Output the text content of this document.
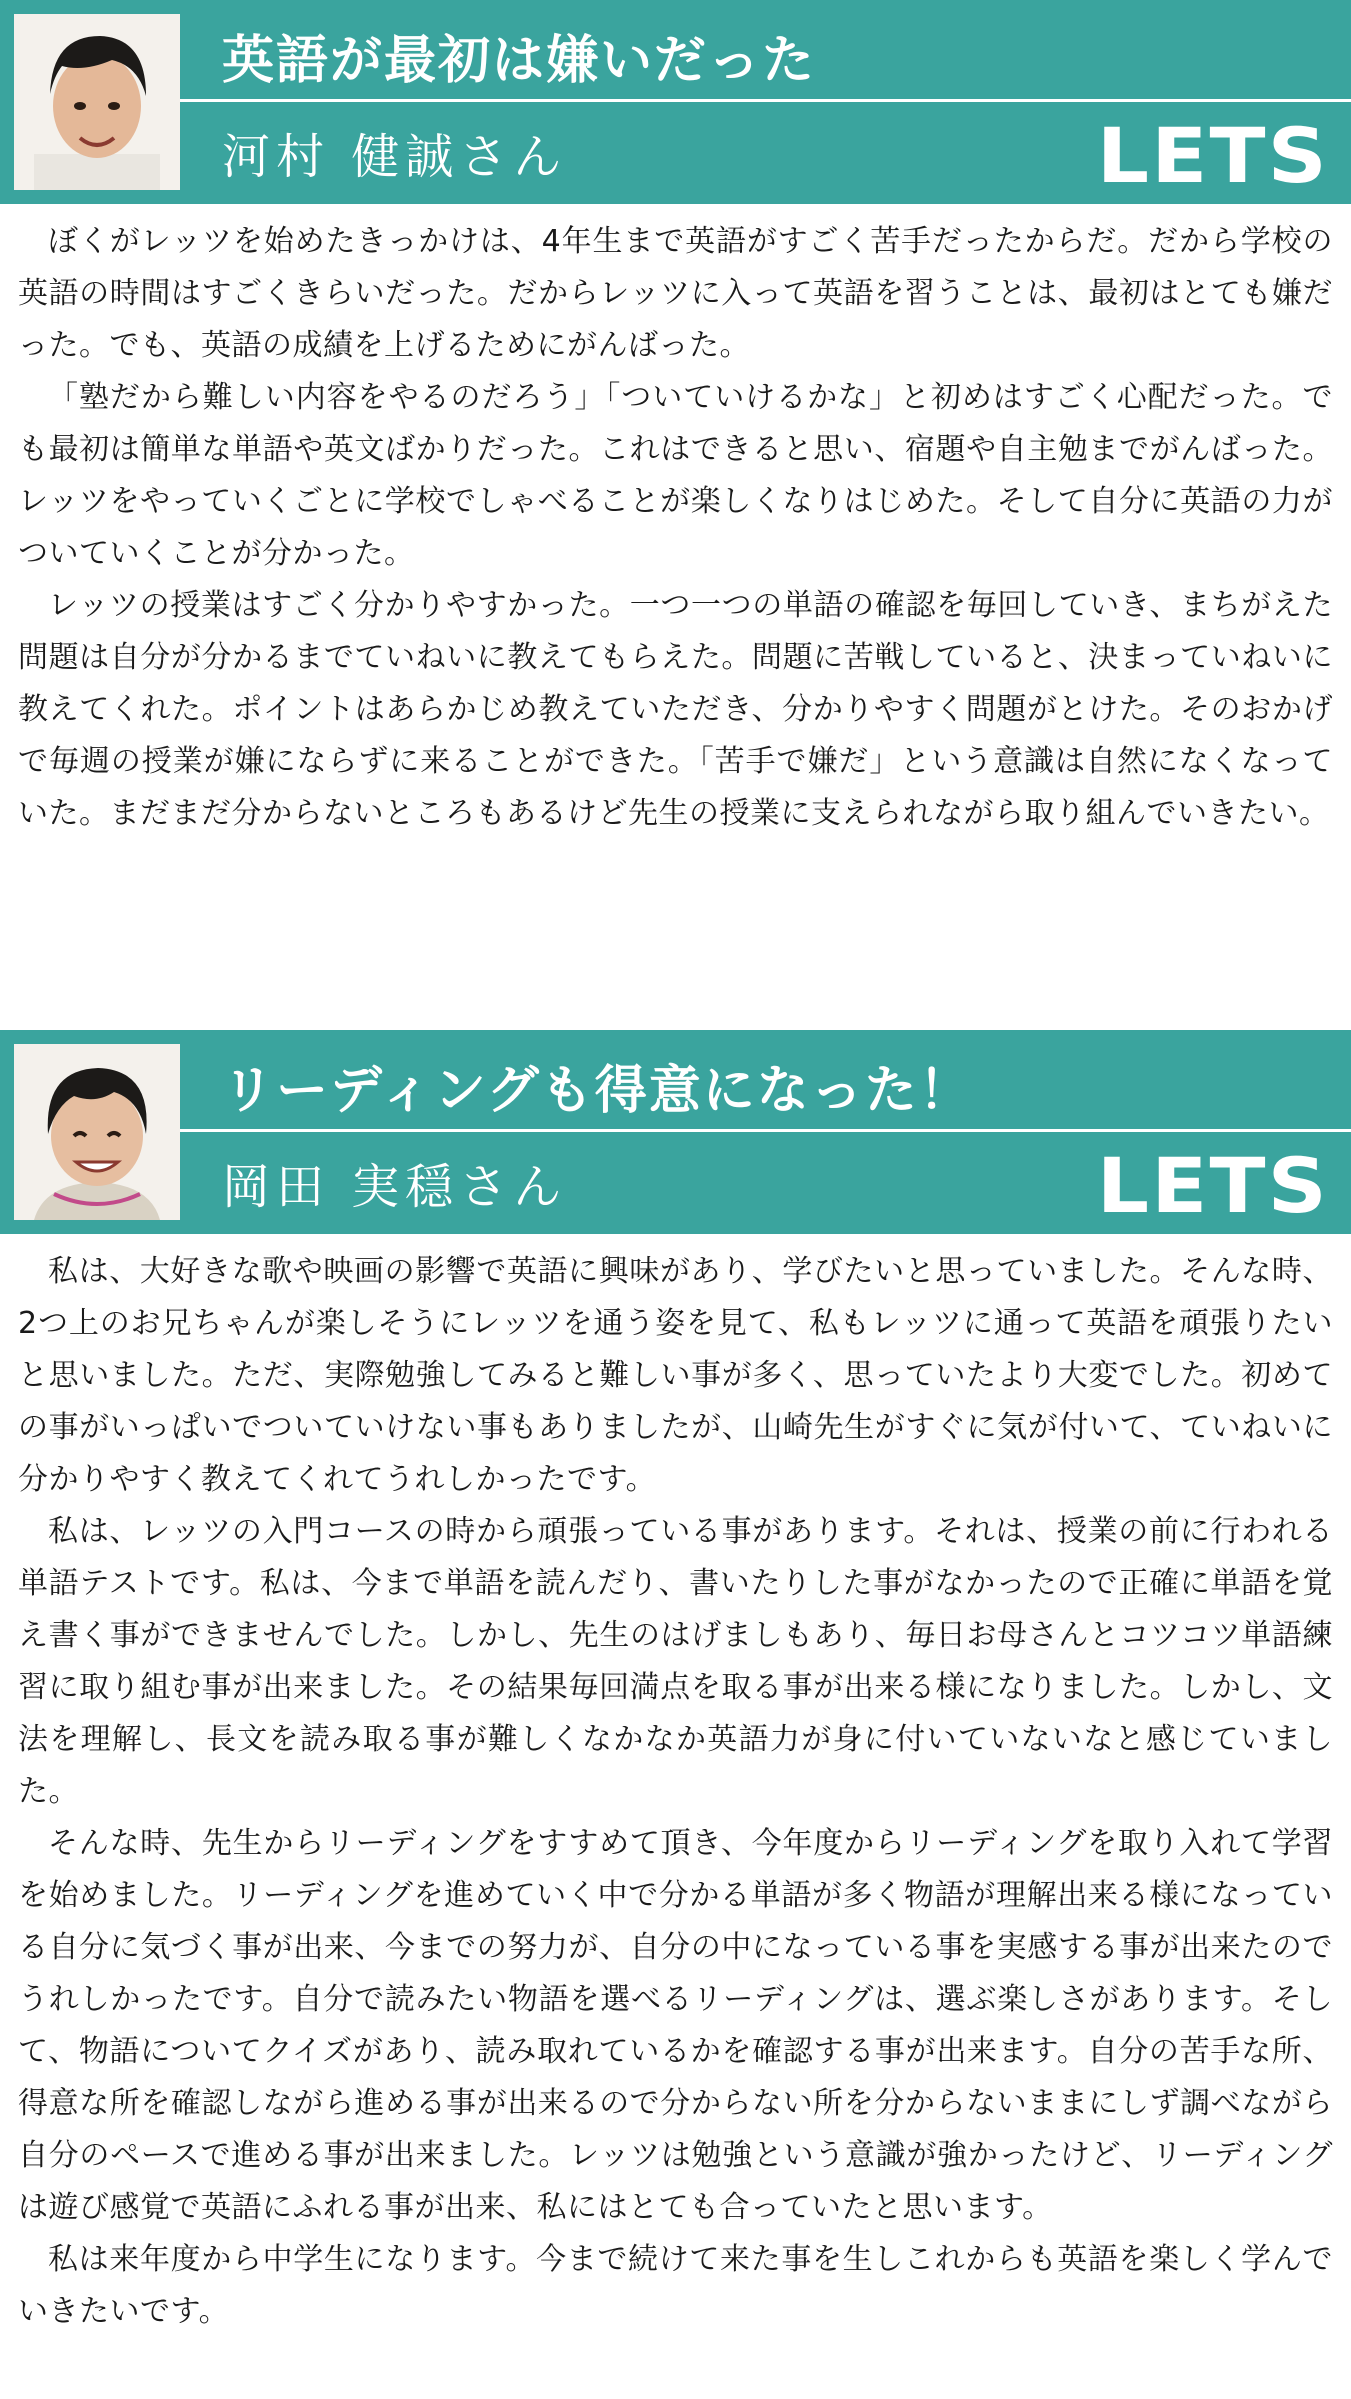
英語が最初は嫌いだった
河村 健誠さん	LETS

ぼくがレッツを始めたきっかけは、4年生まで英語がすごく苦手だったからだ。だから学校の英語の時間はすごくきらいだった。だからレッツに入って英語を習うことは、最初はとても嫌だった。でも、英語の成績を上げるためにがんばった。

「塾だから難しい内容をやるのだろう」「ついていけるかな」と初めはすごく心配だった。でも最初は簡単な単語や英文ばかりだった。これはできると思い、宿題や自主勉までがんばった。レッツをやっていくごとに学校でしゃべることが楽しくなりはじめた。そして自分に英語の力がついていくことが分かった。

レッツの授業はすごく分かりやすかった。一つ一つの単語の確認を毎回していき、まちがえた問題は自分が分かるまでていねいに教えてもらえた。問題に苦戦していると、決まっていねいに教えてくれた。ポイントはあらかじめ教えていただき、分かりやすく問題がとけた。そのおかげで毎週の授業が嫌にならずに来ることができた。「苦手で嫌だ」という意識は自然になくなっていた。まだまだ分からないところもあるけど先生の授業に支えられながら取り組んでいきたい。

リーディングも得意になった！
岡田 実穏さん	LETS

私は、大好きな歌や映画の影響で英語に興味があり、学びたいと思っていました。そんな時、2つ上のお兄ちゃんが楽しそうにレッツを通う姿を見て、私もレッツに通って英語を頑張りたいと思いました。ただ、実際勉強してみると難しい事が多く、思っていたより大変でした。初めての事がいっぱいでついていけない事もありましたが、山崎先生がすぐに気が付いて、ていねいに分かりやすく教えてくれてうれしかったです。

私は、レッツの入門コースの時から頑張っている事があります。それは、授業の前に行われる単語テストです。私は、今まで単語を読んだり、書いたりした事がなかったので正確に単語を覚え書く事ができませんでした。しかし、先生のはげましもあり、毎日お母さんとコツコツ単語練習に取り組む事が出来ました。その結果毎回満点を取る事が出来る様になりました。しかし、文法を理解し、長文を読み取る事が難しくなかなか英語力が身に付いていないなと感じていました。

そんな時、先生からリーディングをすすめて頂き、今年度からリーディングを取り入れて学習を始めました。リーディングを進めていく中で分かる単語が多く物語が理解出来る様になっている自分に気づく事が出来、今までの努力が、自分の中になっている事を実感する事が出来たのでうれしかったです。自分で読みたい物語を選べるリーディングは、選ぶ楽しさがあります。そして、物語についてクイズがあり、読み取れているかを確認する事が出来ます。自分の苦手な所、得意な所を確認しながら進める事が出来るので分からない所を分からないままにしず調べながら自分のペースで進める事が出来ました。レッツは勉強という意識が強かったけど、リーディングは遊び感覚で英語にふれる事が出来、私にはとても合っていたと思います。

私は来年度から中学生になります。今まで続けて来た事を生しこれからも英語を楽しく学んでいきたいです。
